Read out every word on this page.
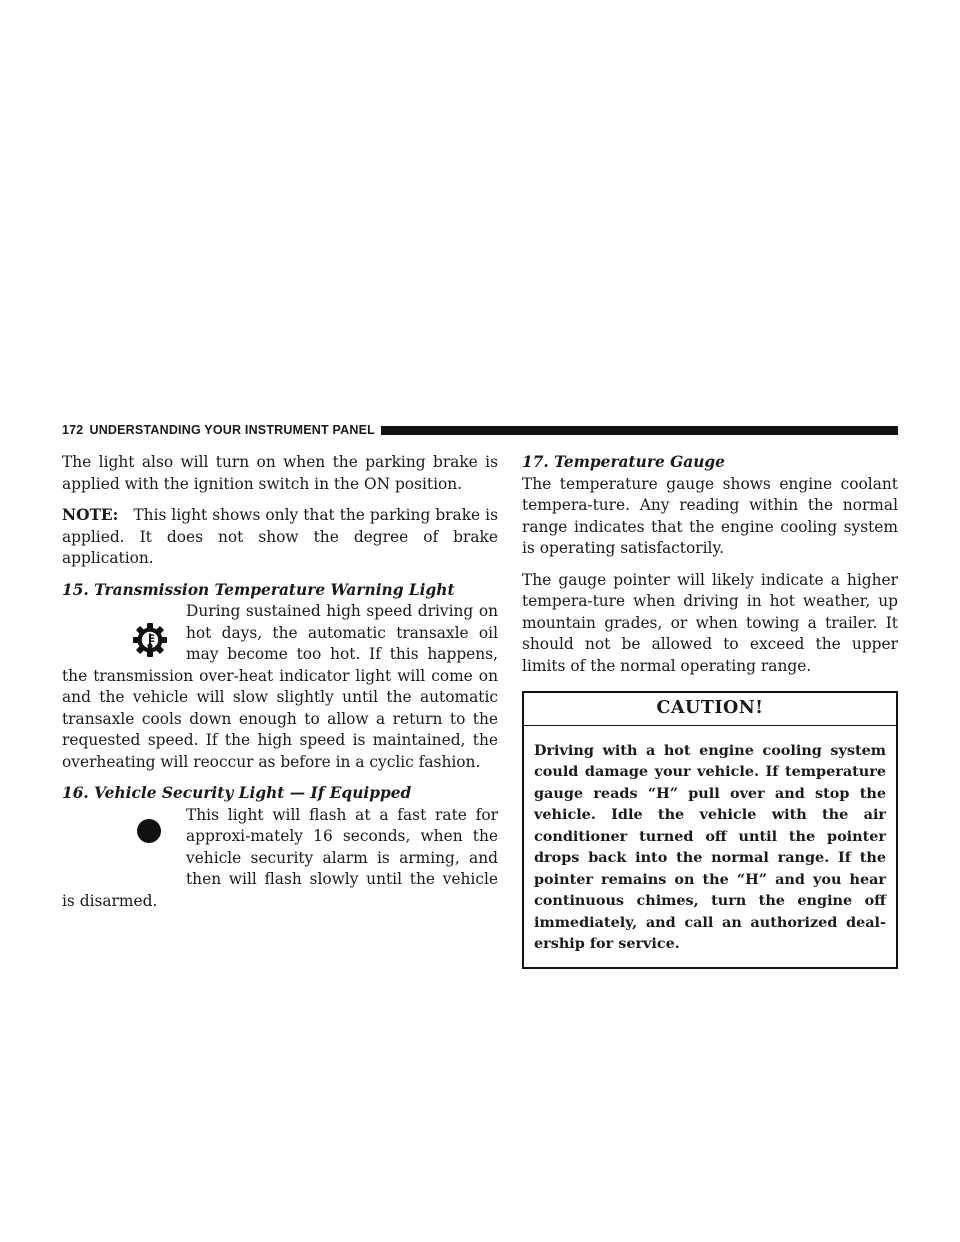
172 UNDERSTANDING YOUR INSTRUMENT PANEL

The light also will turn on when the parking brake is applied with the ignition switch in the ON position.

NOTE: This light shows only that the parking brake is applied. It does not show the degree of brake application.

15. Transmission Temperature Warning Light

During sustained high speed driving on hot days, the automatic transaxle oil may become too hot. If this happens, the transmission over-heat indicator light will come on and the vehicle will slow slightly until the automatic transaxle cools down enough to allow a return to the requested speed. If the high speed is maintained, the overheating will reoccur as before in a cyclic fashion.

16. Vehicle Security Light — If Equipped

This light will flash at a fast rate for approxi-mately 16 seconds, when the vehicle security alarm is arming, and then will flash slowly until the vehicle is disarmed.

17. Temperature Gauge

The temperature gauge shows engine coolant tempera-ture. Any reading within the normal range indicates that the engine cooling system is operating satisfactorily.

The gauge pointer will likely indicate a higher tempera-ture when driving in hot weather, up mountain grades, or when towing a trailer. It should not be allowed to exceed the upper limits of the normal operating range.

CAUTION!

Driving with a hot engine cooling system could damage your vehicle. If temperature gauge reads “H” pull over and stop the vehicle. Idle the vehicle with the air conditioner turned off until the pointer drops back into the normal range. If the pointer remains on the “H” and you hear continuous chimes, turn the engine off immediately, and call an authorized deal-ership for service.
